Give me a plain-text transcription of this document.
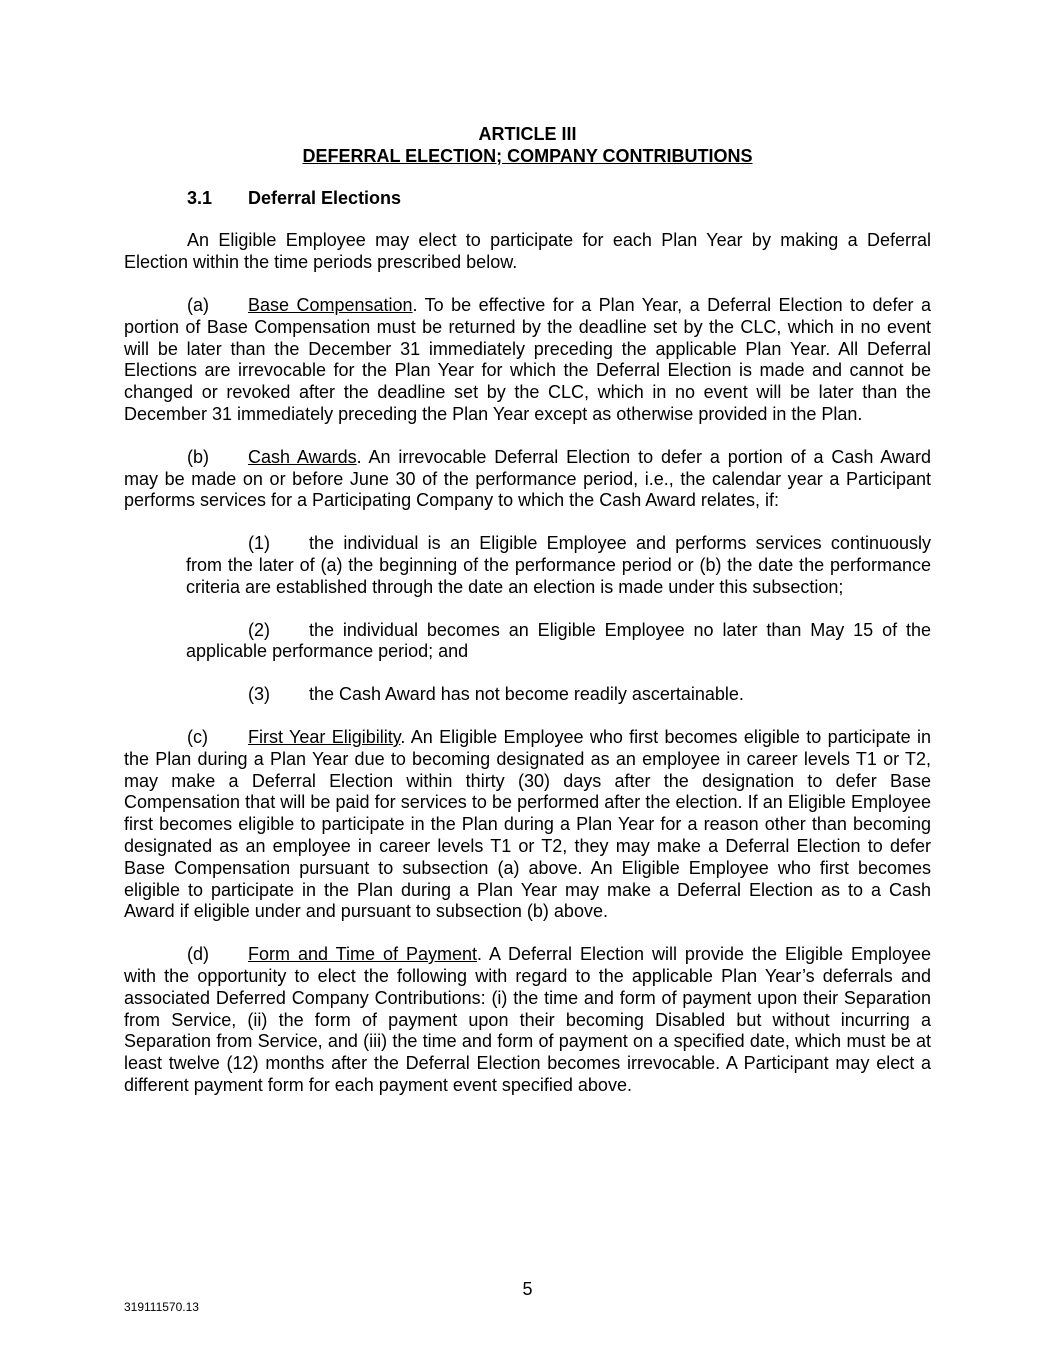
ARTICLE III
DEFERRAL ELECTION; COMPANY CONTRIBUTIONS
3.1 Deferral Elections

An Eligible Employee may elect to participate for each Plan Year by making a Deferral Election within the time periods prescribed below.

(a) Base Compensation. To be effective for a Plan Year, a Deferral Election to defer a portion of Base Compensation must be returned by the deadline set by the CLC, which in no event will be later than the December 31 immediately preceding the applicable Plan Year. All Deferral Elections are irrevocable for the Plan Year for which the Deferral Election is made and cannot be changed or revoked after the deadline set by the CLC, which in no event will be later than the December 31 immediately preceding the Plan Year except as otherwise provided in the Plan.

(b) Cash Awards. An irrevocable Deferral Election to defer a portion of a Cash Award may be made on or before June 30 of the performance period, i.e., the calendar year a Participant performs services for a Participating Company to which the Cash Award relates, if:

(1) the individual is an Eligible Employee and performs services continuously from the later of (a) the beginning of the performance period or (b) the date the performance criteria are established through the date an election is made under this subsection;

(2) the individual becomes an Eligible Employee no later than May 15 of the applicable performance period; and

(3) the Cash Award has not become readily ascertainable.

(c) First Year Eligibility. An Eligible Employee who first becomes eligible to participate in the Plan during a Plan Year due to becoming designated as an employee in career levels T1 or T2, may make a Deferral Election within thirty (30) days after the designation to defer Base Compensation that will be paid for services to be performed after the election. If an Eligible Employee first becomes eligible to participate in the Plan during a Plan Year for a reason other than becoming designated as an employee in career levels T1 or T2, they may make a Deferral Election to defer Base Compensation pursuant to subsection (a) above. An Eligible Employee who first becomes eligible to participate in the Plan during a Plan Year may make a Deferral Election as to a Cash Award if eligible under and pursuant to subsection (b) above.

(d) Form and Time of Payment. A Deferral Election will provide the Eligible Employee with the opportunity to elect the following with regard to the applicable Plan Year’s deferrals and associated Deferred Company Contributions: (i) the time and form of payment upon their Separation from Service, (ii) the form of payment upon their becoming Disabled but without incurring a Separation from Service, and (iii) the time and form of payment on a specified date, which must be at least twelve (12) months after the Deferral Election becomes irrevocable. A Participant may elect a different payment form for each payment event specified above.

5
319111570.13
